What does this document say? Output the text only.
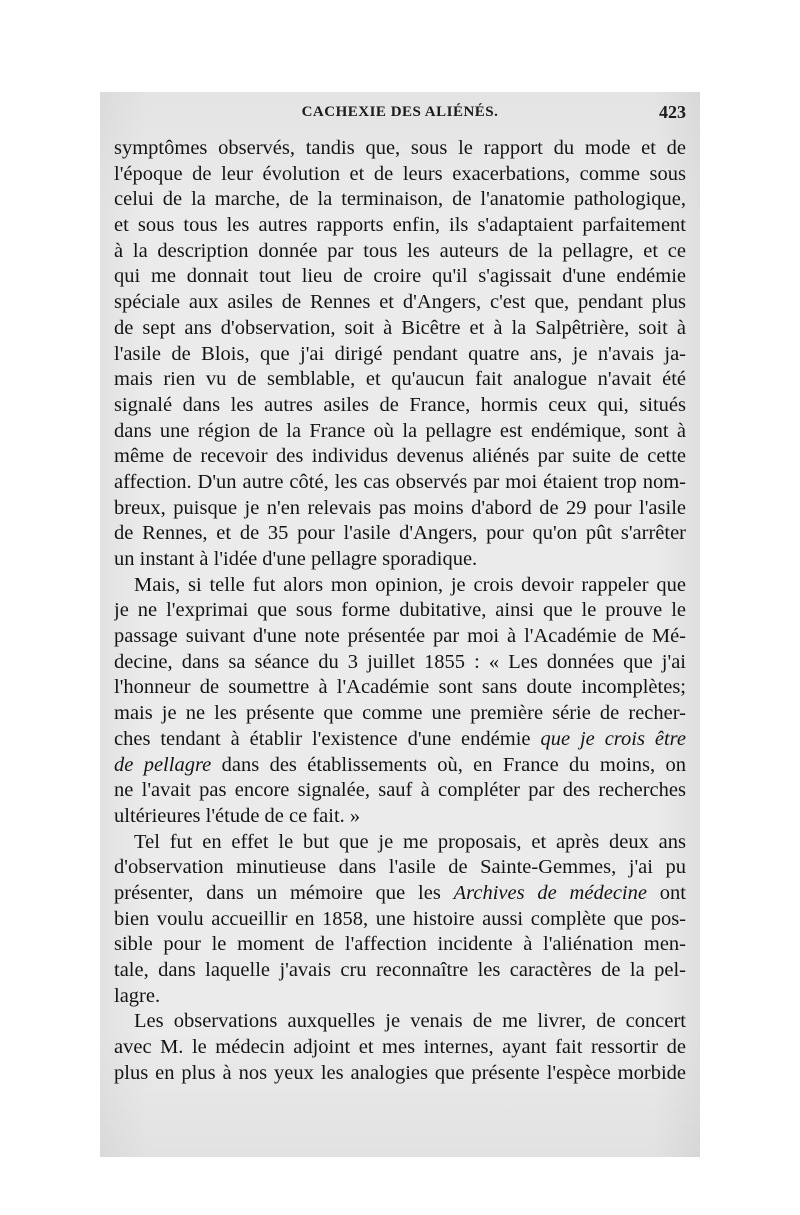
CACHEXIE DES ALIÉNÉS.	423
symptômes observés, tandis que, sous le rapport du mode et de
l'époque de leur évolution et de leurs exacerbations, comme sous
celui de la marche, de la terminaison, de l'anatomie pathologique,
et sous tous les autres rapports enfin, ils s'adaptaient parfaitement
à la description donnée par tous les auteurs de la pellagre, et ce
qui me donnait tout lieu de croire qu'il s'agissait d'une endémie
spéciale aux asiles de Rennes et d'Angers, c'est que, pendant plus
de sept ans d'observation, soit à Bicêtre et à la Salpêtrière, soit à
l'asile de Blois, que j'ai dirigé pendant quatre ans, je n'avais ja-
mais rien vu de semblable, et qu'aucun fait analogue n'avait été
signalé dans les autres asiles de France, hormis ceux qui, situés
dans une région de la France où la pellagre est endémique, sont à
même de recevoir des individus devenus aliénés par suite de cette
affection. D'un autre côté, les cas observés par moi étaient trop nom-
breux, puisque je n'en relevais pas moins d'abord de 29 pour l'asile
de Rennes, et de 35 pour l'asile d'Angers, pour qu'on pût s'arrêter
un instant à l'idée d'une pellagre sporadique.
Mais, si telle fut alors mon opinion, je crois devoir rappeler que
je ne l'exprimai que sous forme dubitative, ainsi que le prouve le
passage suivant d'une note présentée par moi à l'Académie de Mé-
decine, dans sa séance du 3 juillet 1855 : « Les données que j'ai
l'honneur de soumettre à l'Académie sont sans doute incomplètes;
mais je ne les présente que comme une première série de recher-
ches tendant à établir l'existence d'une endémie que je crois être
de pellagre dans des établissements où, en France du moins, on
ne l'avait pas encore signalée, sauf à compléter par des recherches
ultérieures l'étude de ce fait. »
Tel fut en effet le but que je me proposais, et après deux ans
d'observation minutieuse dans l'asile de Sainte-Gemmes, j'ai pu
présenter, dans un mémoire que les Archives de médecine ont
bien voulu accueillir en 1858, une histoire aussi complète que pos-
sible pour le moment de l'affection incidente à l'aliénation men-
tale, dans laquelle j'avais cru reconnaître les caractères de la pel-
lagre.
Les observations auxquelles je venais de me livrer, de concert
avec M. le médecin adjoint et mes internes, ayant fait ressortir de
plus en plus à nos yeux les analogies que présente l'espèce morbide
